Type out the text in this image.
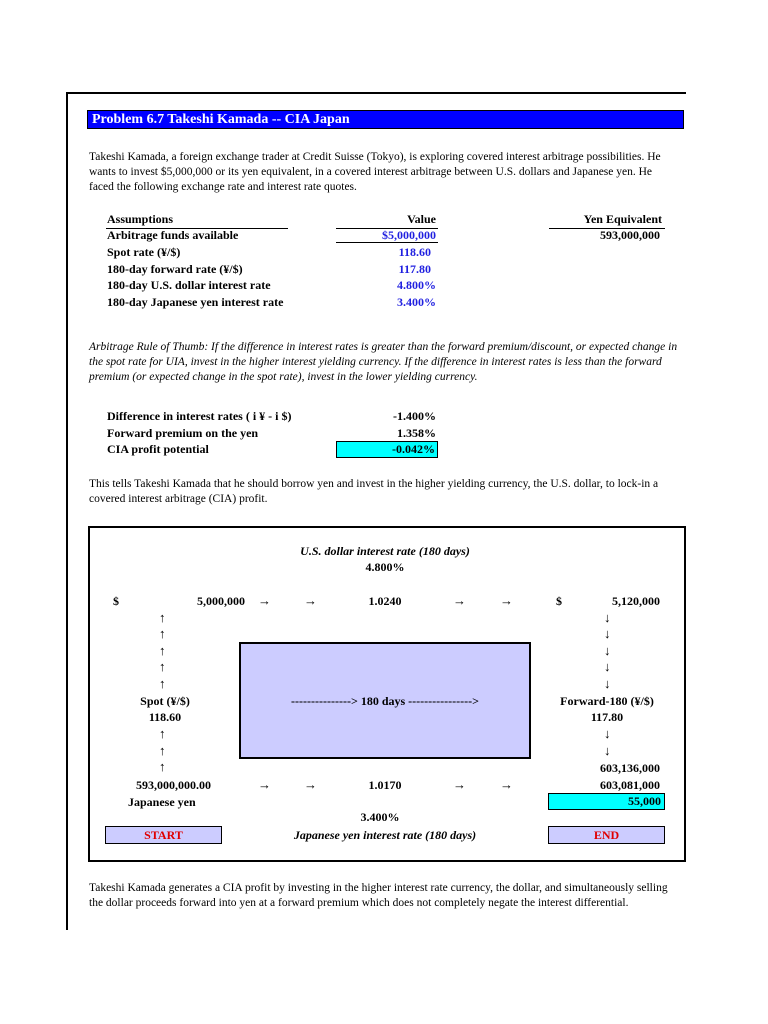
Problem 6.7 Takeshi Kamada -- CIA Japan
Takeshi Kamada, a foreign exchange trader at Credit Suisse (Tokyo), is exploring covered interest arbitrage possibilities. He wants to invest $5,000,000 or its yen equivalent, in a covered interest arbitrage between U.S. dollars and Japanese yen. He faced the following exchange rate and interest rate quotes.
Assumptions	Value	Yen Equivalent
Arbitrage funds available	$5,000,000	593,000,000
Spot rate (¥/$)	118.60
180-day forward rate (¥/$)	117.80
180-day U.S. dollar interest rate	4.800%
180-day Japanese yen interest rate	3.400%
Arbitrage Rule of Thumb: If the difference in interest rates is greater than the forward premium/discount, or expected change in the spot rate for UIA, invest in the higher interest yielding currency. If the difference in interest rates is less than the forward premium (or expected change in the spot rate), invest in the lower yielding currency.
Difference in interest rates ( i ¥ - i $)	-1.400%
Forward premium on the yen	1.358%
CIA profit potential	-0.042%
This tells Takeshi Kamada that he should borrow yen and invest in the higher yielding currency, the U.S. dollar, to lock-in a covered interest arbitrage (CIA) profit.
U.S. dollar interest rate (180 days)
4.800%
$	5,000,000 →	→	1.0240	→	→	$	5,120,000
↑
↑
↑
↑
↑
↓
↓
↓
↓
↓
---------------> 180 days ---------------->
Spot (¥/$)
118.60
Forward-180 (¥/$)
117.80
↑
↑
↑
↓
↓
603,136,000
593,000,000.00	→	→	1.0170	→	→	603,081,000
Japanese yen	55,000
3.400%
START	Japanese yen interest rate (180 days)	END
Takeshi Kamada generates a CIA profit by investing in the higher interest rate currency, the dollar, and simultaneously selling the dollar proceeds forward into yen at a forward premium which does not completely negate the interest differential.
